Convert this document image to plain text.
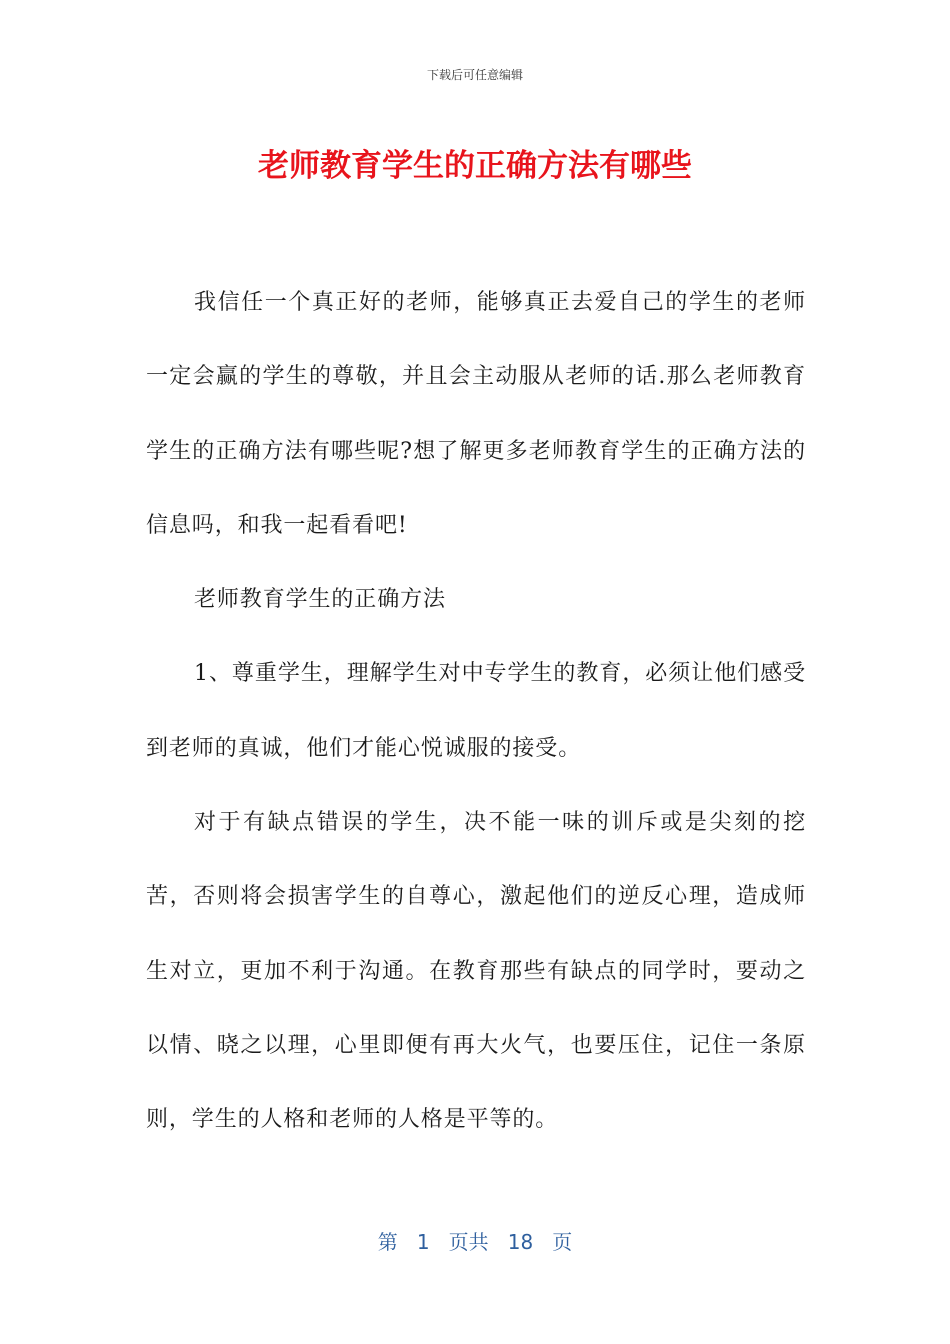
下载后可任意编辑
老师教育学生的正确方法有哪些

我信任一个真正好的老师，能够真正去爱自己的学生的老师一定会赢的学生的尊敬，并且会主动服从老师的话.那么老师教育学生的正确方法有哪些呢?想了解更多老师教育学生的正确方法的信息吗，和我一起看看吧!

老师教育学生的正确方法

1、尊重学生，理解学生对中专学生的教育，必须让他们感受到老师的真诚，他们才能心悦诚服的接受。

对于有缺点错误的学生，决不能一味的训斥或是尖刻的挖苦，否则将会损害学生的自尊心，激起他们的逆反心理，造成师生对立，更加不利于沟通。在教育那些有缺点的同学时，要动之以情、晓之以理，心里即便有再大火气，也要压住，记住一条原则，学生的人格和老师的人格是平等的。

第 1 页共 18 页
